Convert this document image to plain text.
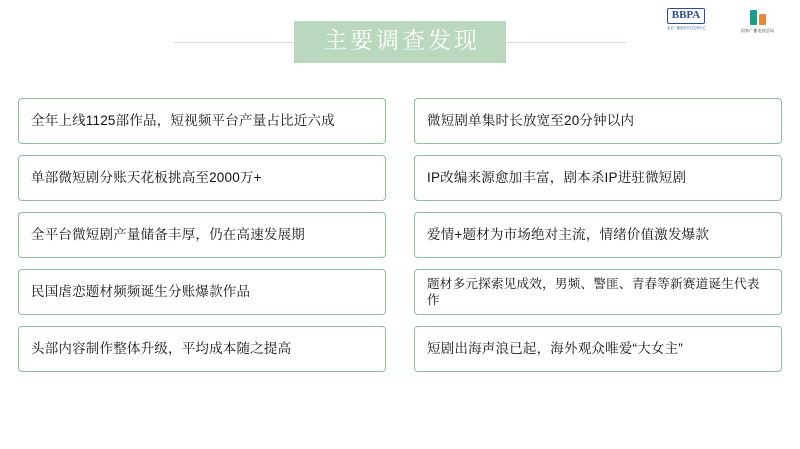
主要调查发现
BBPA
北京广播电视节目交易中心
国家广播电视总局
全年上线1125部作品，短视频平台产量占比近六成	微短剧单集时长放宽至20分钟以内
单部微短剧分账天花板挑高至2000万+	IP改编来源愈加丰富，剧本杀IP进驻微短剧
全平台微短剧产量储备丰厚，仍在高速发展期	爱情+题材为市场绝对主流，情绪价值激发爆款
民国虐恋题材频频诞生分账爆款作品
题材多元探索见成效，男频、警匪、青春等新赛道诞生代表作
头部内容制作整体升级，平均成本随之提高	短剧出海声浪已起，海外观众唯爱“大女主”
